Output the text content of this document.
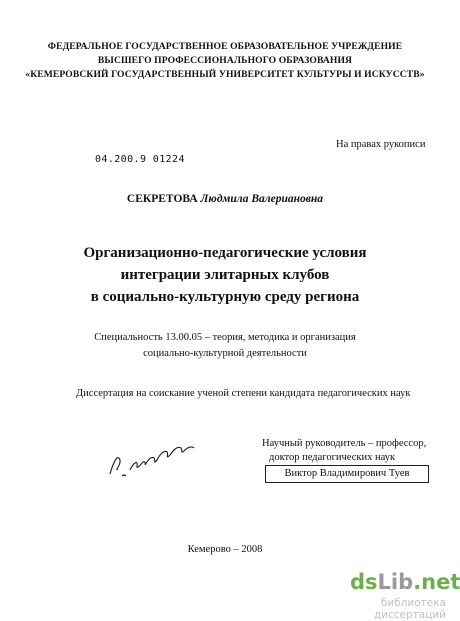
ФЕДЕРАЛЬНОЕ ГОСУДАРСТВЕННОЕ ОБРАЗОВАТЕЛЬНОЕ УЧРЕЖДЕНИЕ
ВЫСШЕГО ПРОФЕССИОНАЛЬНОГО ОБРАЗОВАНИЯ
«КЕМЕРОВСКИЙ ГОСУДАРСТВЕННЫЙ УНИВЕРСИТЕТ КУЛЬТУРЫ И ИСКУССТВ»
На правах рукописи
04.200.9 01224
СЕКРЕТОВА Людмила Валериановна
Организационно-педагогические условия
интеграции элитарных клубов
в социально-культурную среду региона
Специальность 13.00.05 – теория, методика и организация
социально-культурной деятельности
Диссертация на соискание ученой степени кандидата педагогических наук
Научный руководитель – профессор,
доктор педагогических наук
Виктор Владимирович Туев
Кемерово – 2008
dsLib.net
библиотека диссертаций
